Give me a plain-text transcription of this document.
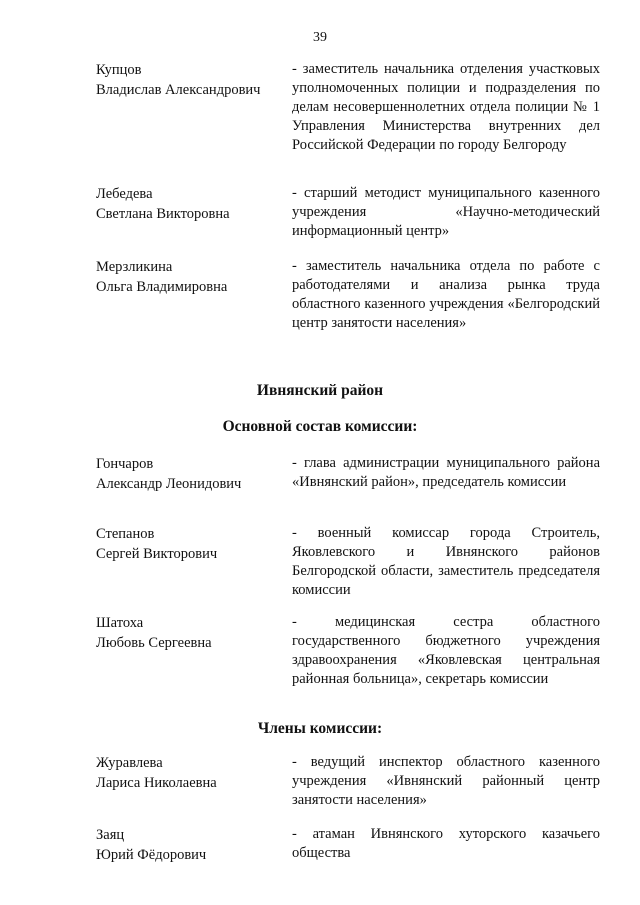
39
Купцов
Владислав Александрович
- заместитель начальника отделения участковых уполномоченных полиции и подразделения по делам несовершеннолетних отдела полиции № 1 Управления Министерства внутренних дел Российской Федерации по городу Белгороду
Лебедева
Светлана Викторовна
- старший методист муниципального казенного учреждения «Научно-методический информационный центр»
Мерзликина
Ольга Владимировна
- заместитель начальника отдела по работе с работодателями и анализа рынка труда областного казенного учреждения «Белгородский центр занятости населения»
Ивнянский район
Основной состав комиссии:
Гончаров
Александр Леонидович
- глава администрации муниципального района «Ивнянский район», председатель комиссии
Степанов
Сергей Викторович
- военный комиссар города Строитель, Яковлевского и Ивнянского районов Белгородской области, заместитель председателя комиссии
Шатоха
Любовь Сергеевна
- медицинская сестра областного государственного бюджетного учреждения здравоохранения «Яковлевская центральная районная больница», секретарь комиссии
Члены комиссии:
Журавлева
Лариса Николаевна
- ведущий инспектор областного казенного учреждения «Ивнянский районный центр занятости населения»
Заяц
Юрий Фёдорович
- атаман Ивнянского хуторского казачьего общества
